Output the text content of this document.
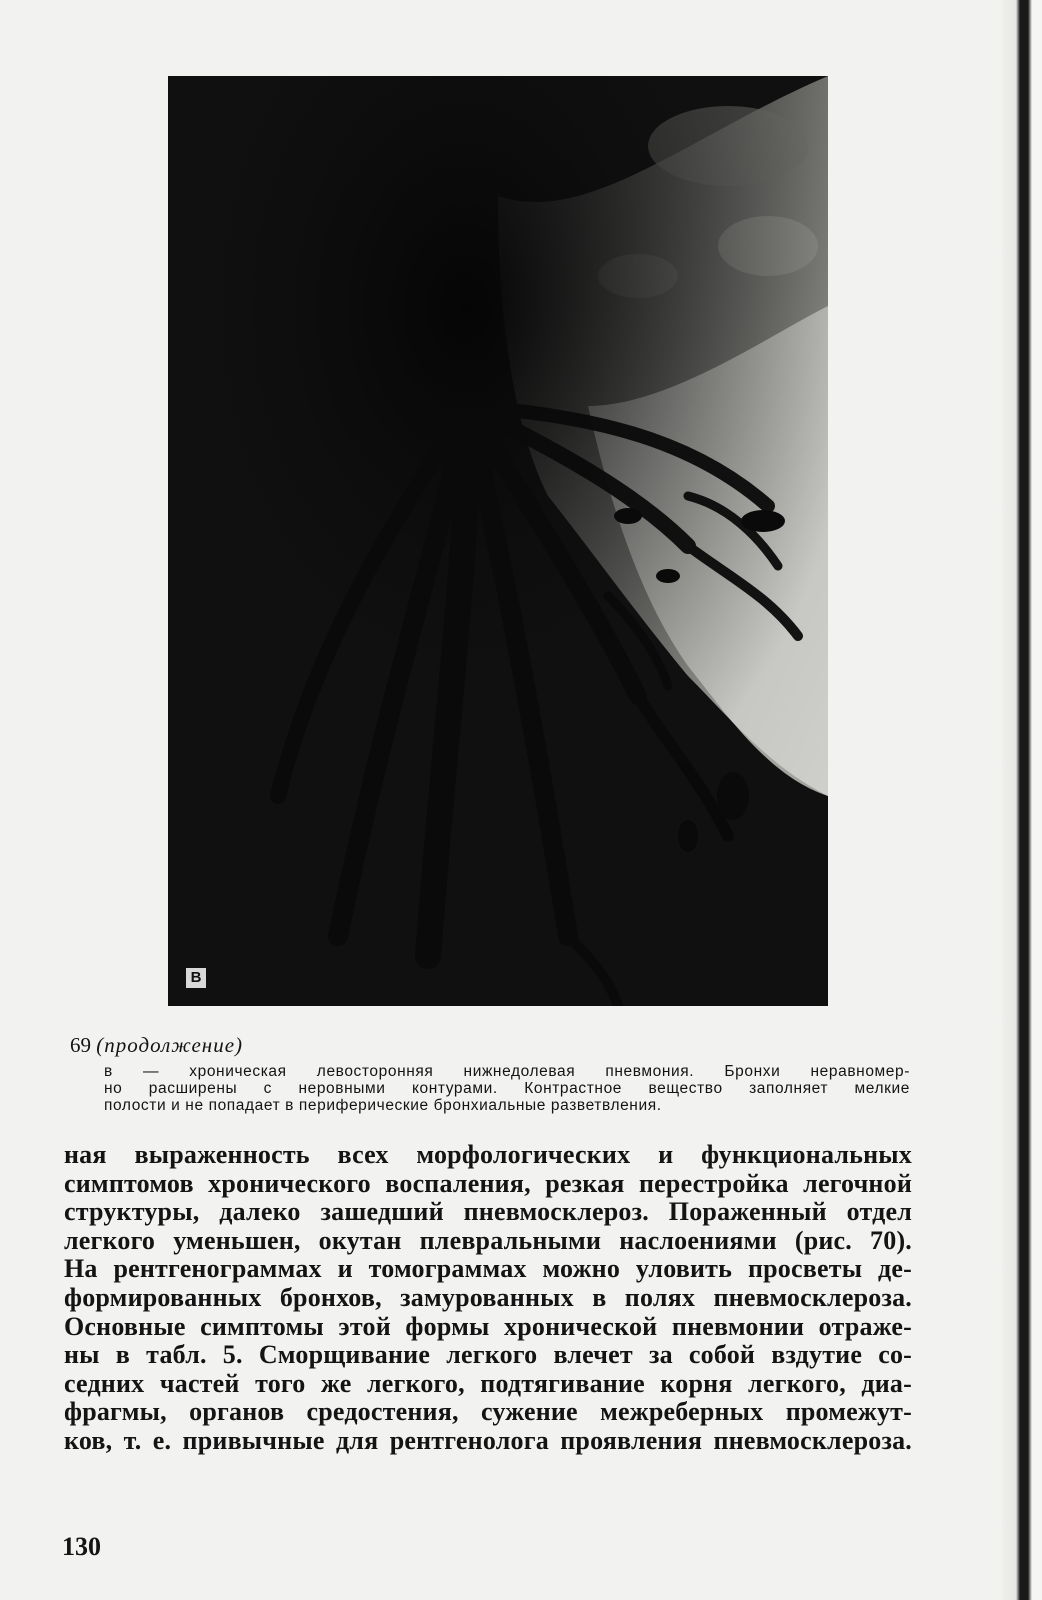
В
69 (продолжение)

в — хроническая левосторонняя нижнедолевая пневмония. Бронхи неравномер-

но расширены с неровными контурами. Контрастное вещество заполняет мелкие

полости и не попадает в периферические бронхиальные разветвления.

ная выраженность всех морфологических и функциональных

симптомов хронического воспаления, резкая перестройка легочной

структуры, далеко зашедший пневмосклероз. Пораженный отдел

легкого уменьшен, окутан плевральными наслоениями (рис. 70).

На рентгенограммах и томограммах можно уловить просветы де-

формированных бронхов, замурованных в полях пневмосклероза.

Основные симптомы этой формы хронической пневмонии отраже-

ны в табл. 5. Сморщивание легкого влечет за собой вздутие со-

седних частей того же легкого, подтягивание корня легкого, диа-

фрагмы, органов средостения, сужение межреберных промежут-

ков, т. е. привычные для рентгенолога проявления пневмосклероза.

130
